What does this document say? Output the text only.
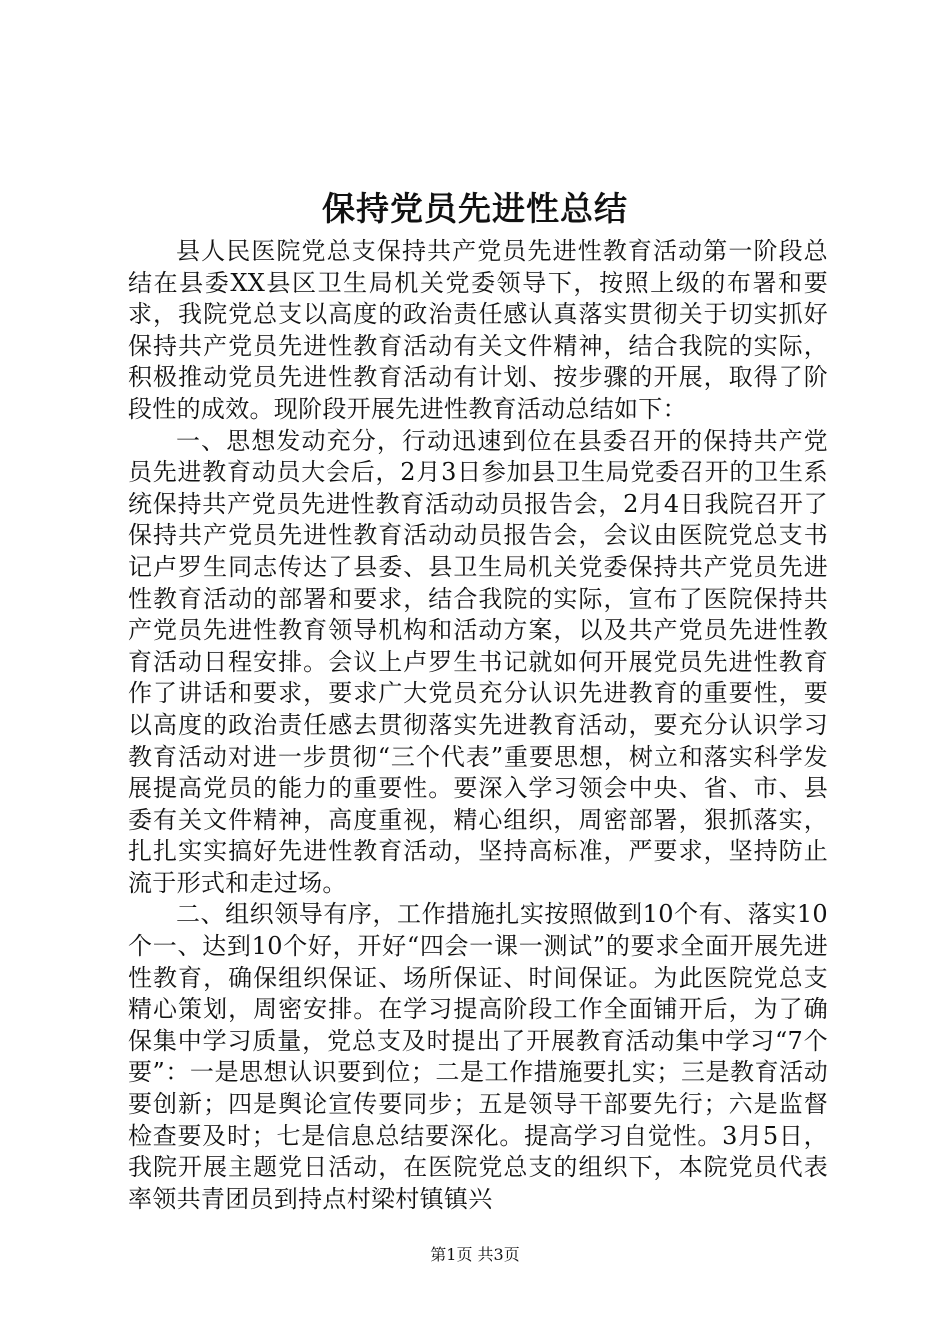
保持党员先进性总结

县人民医院党总支保持共产党员先进性教育活动第一阶段总结在县委XX县区卫生局机关党委领导下，按照上级的布署和要求，我院党总支以高度的政治责任感认真落实贯彻关于切实抓好保持共产党员先进性教育活动有关文件精神，结合我院的实际，积极推动党员先进性教育活动有计划、按步骤的开展，取得了阶段性的成效。现阶段开展先进性教育活动总结如下：

一、思想发动充分，行动迅速到位在县委召开的保持共产党员先进教育动员大会后，2月3日参加县卫生局党委召开的卫生系统保持共产党员先进性教育活动动员报告会，2月4日我院召开了保持共产党员先进性教育活动动员报告会，会议由医院党总支书记卢罗生同志传达了县委、县卫生局机关党委保持共产党员先进性教育活动的部署和要求，结合我院的实际，宣布了医院保持共产党员先进性教育领导机构和活动方案，以及共产党员先进性教育活动日程安排。会议上卢罗生书记就如何开展党员先进性教育作了讲话和要求，要求广大党员充分认识先进教育的重要性，要以高度的政治责任感去贯彻落实先进教育活动，要充分认识学习教育活动对进一步贯彻“三个代表”重要思想，树立和落实科学发展提高党员的能力的重要性。要深入学习领会中央、省、市、县委有关文件精神，高度重视，精心组织，周密部署，狠抓落实，扎扎实实搞好先进性教育活动，坚持高标准，严要求，坚持防止流于形式和走过场。

二、组织领导有序，工作措施扎实按照做到10个有、落实10个一、达到10个好，开好“四会一课一测试”的要求全面开展先进性教育，确保组织保证、场所保证、时间保证。为此医院党总支精心策划，周密安排。在学习提高阶段工作全面铺开后，为了确保集中学习质量，党总支及时提出了开展教育活动集中学习“7个要”：一是思想认识要到位；二是工作措施要扎实；三是教育活动要创新；四是舆论宣传要同步；五是领导干部要先行；六是监督检查要及时；七是信息总结要深化。提高学习自觉性。3月5日，我院开展主题党日活动，在医院党总支的组织下，本院党员代表率领共青团员到持点村梁村镇镇兴

第1页 共3页
